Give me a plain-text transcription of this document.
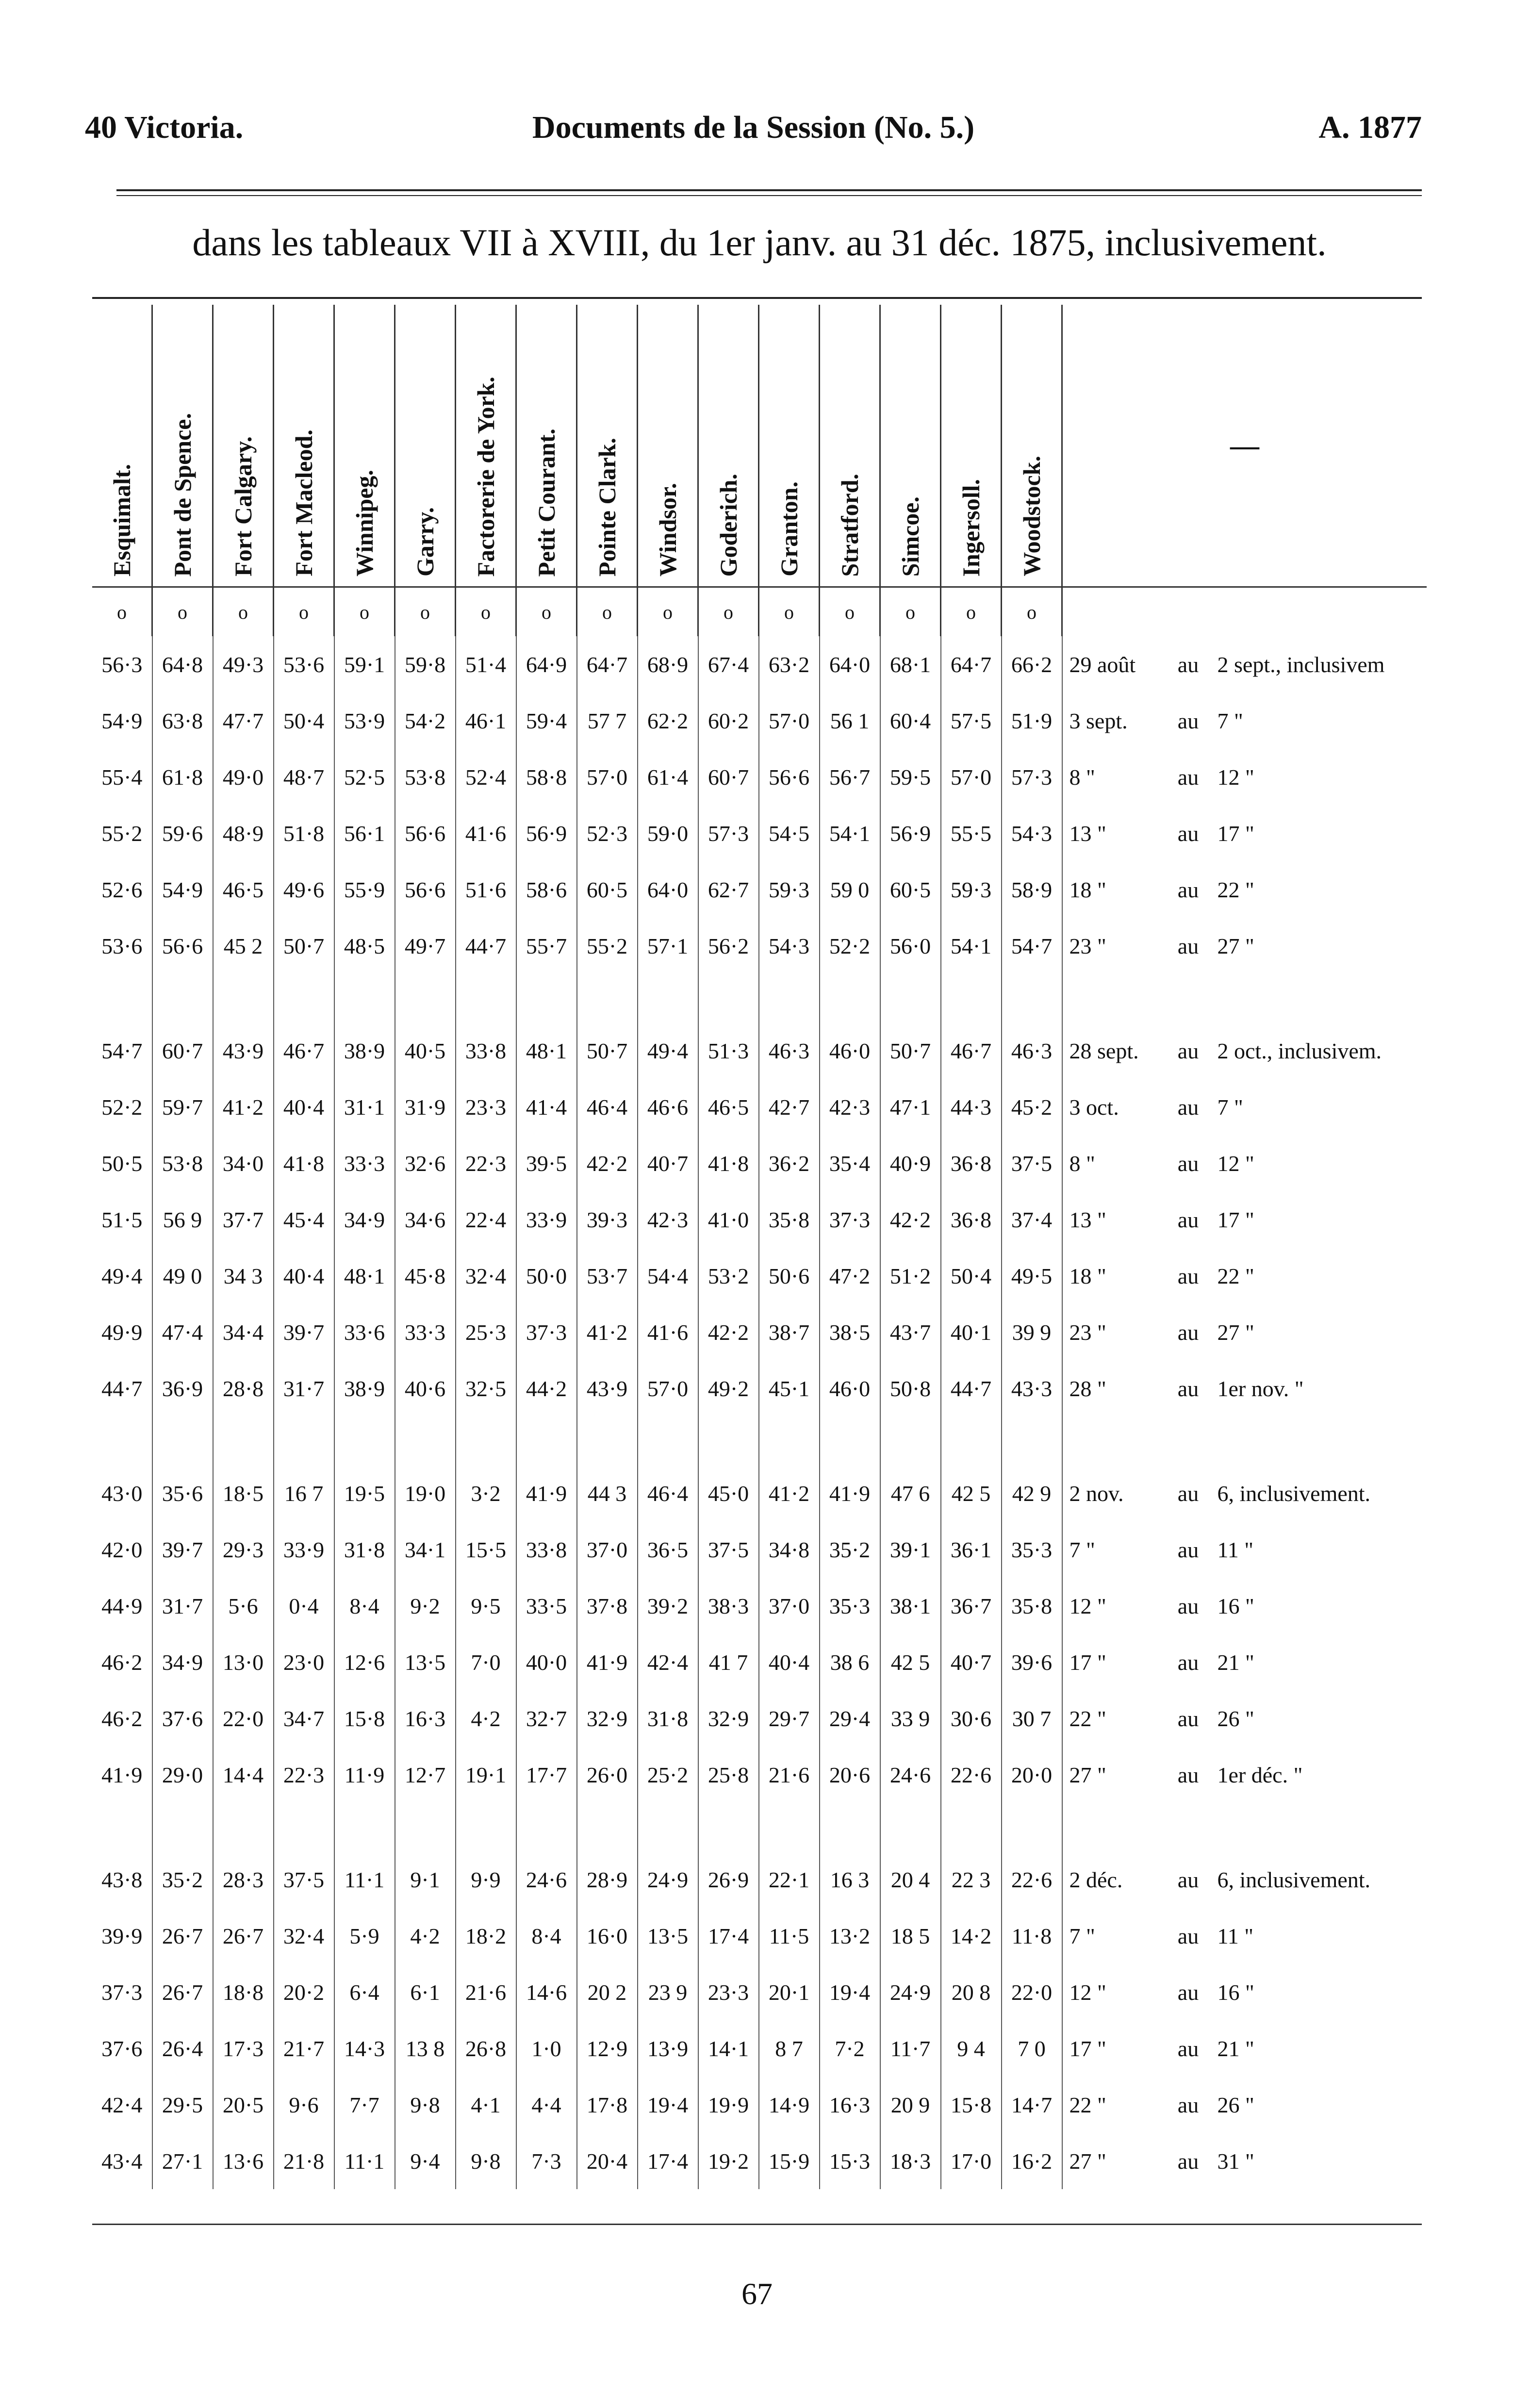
40 Victoria.	Documents de la Session (No. 5.)	A. 1877
dans les tableaux VII à XVIII, du 1er janv. au 31 déc. 1875, inclusivement.
Esquimalt.	Pont de Spence.	Fort Calgary.	Fort Macleod.	Winnipeg.	Garry.	Factorerie de York.	Petit Courant.	Pointe Clark.	Windsor.	Goderich.	Granton.	Stratford.	Simcoe.	Ingersoll.	Woodstock.	—
o	o	o	o	o	o	o	o	o	o	o	o	o	o	o	o	
56·3	64·8	49·3	53·6	59·1	59·8	51·4	64·9	64·7	68·9	67·4	63·2	64·0	68·1	64·7	66·2	29 août au 2 sept., inclusivem
54·9	63·8	47·7	50·4	53·9	54·2	46·1	59·4	57 7	62·2	60·2	57·0	56 1	60·4	57·5	51·9	3 sept. au 7 "
55·4	61·8	49·0	48·7	52·5	53·8	52·4	58·8	57·0	61·4	60·7	56·6	56·7	59·5	57·0	57·3	8 " au 12 "
55·2	59·6	48·9	51·8	56·1	56·6	41·6	56·9	52·3	59·0	57·3	54·5	54·1	56·9	55·5	54·3	13 " au 17 "
52·6	54·9	46·5	49·6	55·9	56·6	51·6	58·6	60·5	64·0	62·7	59·3	59 0	60·5	59·3	58·9	18 " au 22 "
53·6	56·6	45 2	50·7	48·5	49·7	44·7	55·7	55·2	57·1	56·2	54·3	52·2	56·0	54·1	54·7	23 " au 27 "

54·7	60·7	43·9	46·7	38·9	40·5	33·8	48·1	50·7	49·4	51·3	46·3	46·0	50·7	46·7	46·3	28 sept. au 2 oct., inclusivem.
52·2	59·7	41·2	40·4	31·1	31·9	23·3	41·4	46·4	46·6	46·5	42·7	42·3	47·1	44·3	45·2	3 oct. au 7 "
50·5	53·8	34·0	41·8	33·3	32·6	22·3	39·5	42·2	40·7	41·8	36·2	35·4	40·9	36·8	37·5	8 " au 12 "
51·5	56 9	37·7	45·4	34·9	34·6	22·4	33·9	39·3	42·3	41·0	35·8	37·3	42·2	36·8	37·4	13 " au 17 "
49·4	49 0	34 3	40·4	48·1	45·8	32·4	50·0	53·7	54·4	53·2	50·6	47·2	51·2	50·4	49·5	18 " au 22 "
49·9	47·4	34·4	39·7	33·6	33·3	25·3	37·3	41·2	41·6	42·2	38·7	38·5	43·7	40·1	39 9	23 " au 27 "
44·7	36·9	28·8	31·7	38·9	40·6	32·5	44·2	43·9	57·0	49·2	45·1	46·0	50·8	44·7	43·3	28 " au 1er nov. "

43·0	35·6	18·5	16 7	19·5	19·0	3·2	41·9	44 3	46·4	45·0	41·2	41·9	47 6	42 5	42 9	2 nov. au 6, inclusivement.
42·0	39·7	29·3	33·9	31·8	34·1	15·5	33·8	37·0	36·5	37·5	34·8	35·2	39·1	36·1	35·3	7 " au 11 "
44·9	31·7	5·6	0·4	8·4	9·2	9·5	33·5	37·8	39·2	38·3	37·0	35·3	38·1	36·7	35·8	12 " au 16 "
46·2	34·9	13·0	23·0	12·6	13·5	7·0	40·0	41·9	42·4	41 7	40·4	38 6	42 5	40·7	39·6	17 " au 21 "
46·2	37·6	22·0	34·7	15·8	16·3	4·2	32·7	32·9	31·8	32·9	29·7	29·4	33 9	30·6	30 7	22 " au 26 "
41·9	29·0	14·4	22·3	11·9	12·7	19·1	17·7	26·0	25·2	25·8	21·6	20·6	24·6	22·6	20·0	27 " au 1er déc. "

43·8	35·2	28·3	37·5	11·1	9·1	9·9	24·6	28·9	24·9	26·9	22·1	16 3	20 4	22 3	22·6	2 déc. au 6, inclusivement.
39·9	26·7	26·7	32·4	5·9	4·2	18·2	8·4	16·0	13·5	17·4	11·5	13·2	18 5	14·2	11·8	7 " au 11 "
37·3	26·7	18·8	20·2	6·4	6·1	21·6	14·6	20 2	23 9	23·3	20·1	19·4	24·9	20 8	22·0	12 " au 16 "
37·6	26·4	17·3	21·7	14·3	13 8	26·8	1·0	12·9	13·9	14·1	8 7	7·2	11·7	9 4	7 0	17 " au 21 "
42·4	29·5	20·5	9·6	7·7	9·8	4·1	4·4	17·8	19·4	19·9	14·9	16·3	20 9	15·8	14·7	22 " au 26 "
43·4	27·1	13·6	21·8	11·1	9·4	9·8	7·3	20·4	17·4	19·2	15·9	15·3	18·3	17·0	16·2	27 " au 31 "
67
